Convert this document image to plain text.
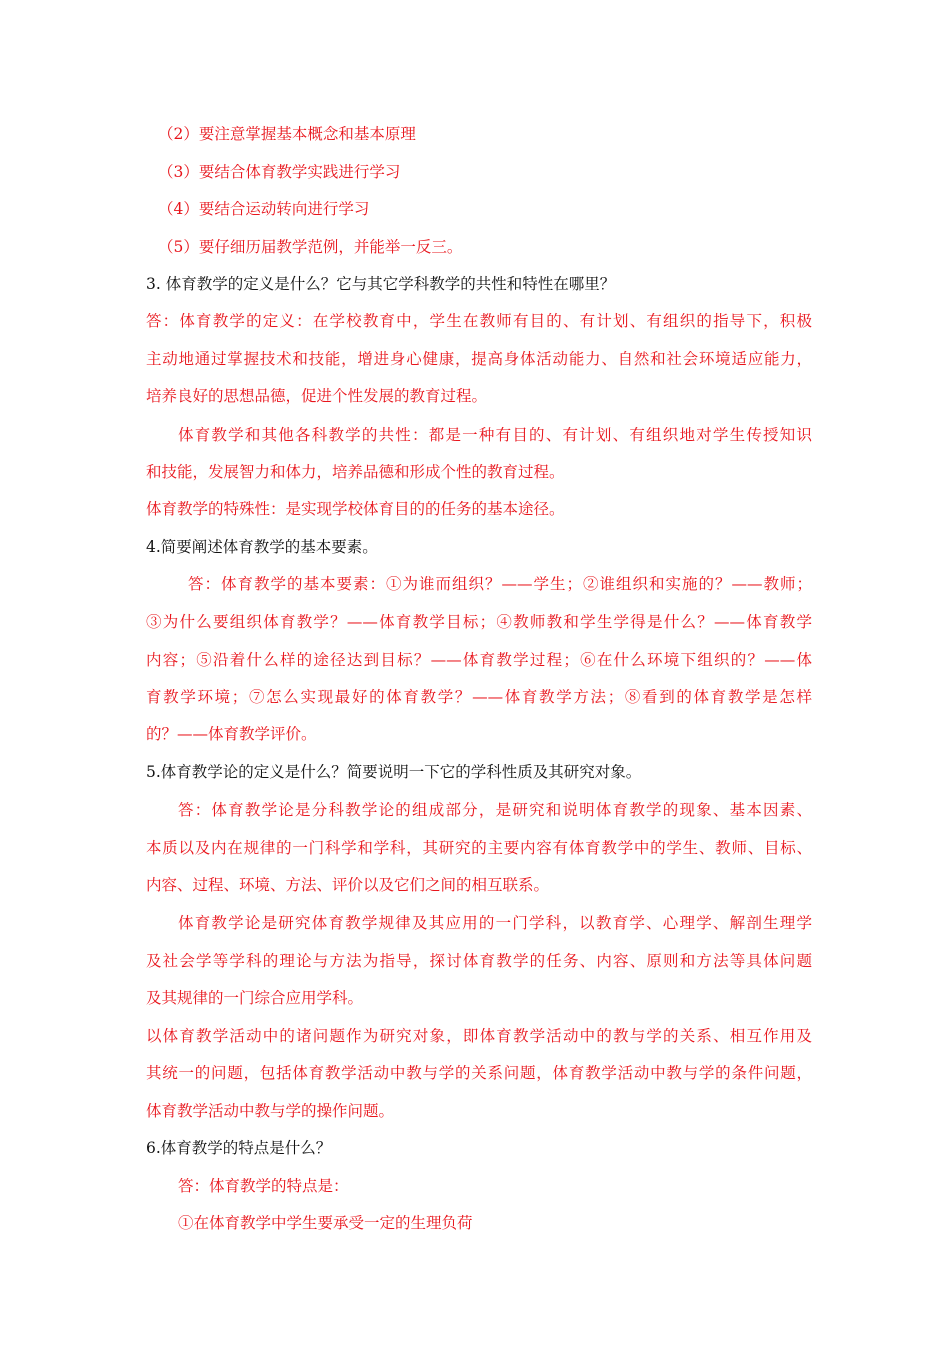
（2）要注意掌握基本概念和基本原理
（3）要结合体育教学实践进行学习
（4）要结合运动转向进行学习
（5）要仔细历届教学范例，并能举一反三。
3. 体育教学的定义是什么？它与其它学科教学的共性和特性在哪里？
答：体育教学的定义：在学校教育中，学生在教师有目的、有计划、有组织的指导下，积极
主动地通过掌握技术和技能，增进身心健康，提高身体活动能力、自然和社会环境适应能力，
培养良好的思想品德，促进个性发展的教育过程。
体育教学和其他各科教学的共性：都是一种有目的、有计划、有组织地对学生传授知识
和技能，发展智力和体力，培养品德和形成个性的教育过程。
体育教学的特殊性：是实现学校体育目的的任务的基本途径。
4.简要阐述体育教学的基本要素。
答：体育教学的基本要素：①为谁而组织？——学生；②谁组织和实施的？——教师；
③为什么要组织体育教学？——体育教学目标；④教师教和学生学得是什么？——体育教学
内容；⑤沿着什么样的途径达到目标？——体育教学过程；⑥在什么环境下组织的？——体
育教学环境；⑦怎么实现最好的体育教学？——体育教学方法；⑧看到的体育教学是怎样
的？——体育教学评价。
5.体育教学论的定义是什么？简要说明一下它的学科性质及其研究对象。
答：体育教学论是分科教学论的组成部分，是研究和说明体育教学的现象、基本因素、
本质以及内在规律的一门科学和学科，其研究的主要内容有体育教学中的学生、教师、目标、
内容、过程、环境、方法、评价以及它们之间的相互联系。
体育教学论是研究体育教学规律及其应用的一门学科，以教育学、心理学、解剖生理学
及社会学等学科的理论与方法为指导，探讨体育教学的任务、内容、原则和方法等具体问题
及其规律的一门综合应用学科。
以体育教学活动中的诸问题作为研究对象，即体育教学活动中的教与学的关系、相互作用及
其统一的问题，包括体育教学活动中教与学的关系问题，体育教学活动中教与学的条件问题，
体育教学活动中教与学的操作问题。
6.体育教学的特点是什么？
答：体育教学的特点是：
①在体育教学中学生要承受一定的生理负荷
